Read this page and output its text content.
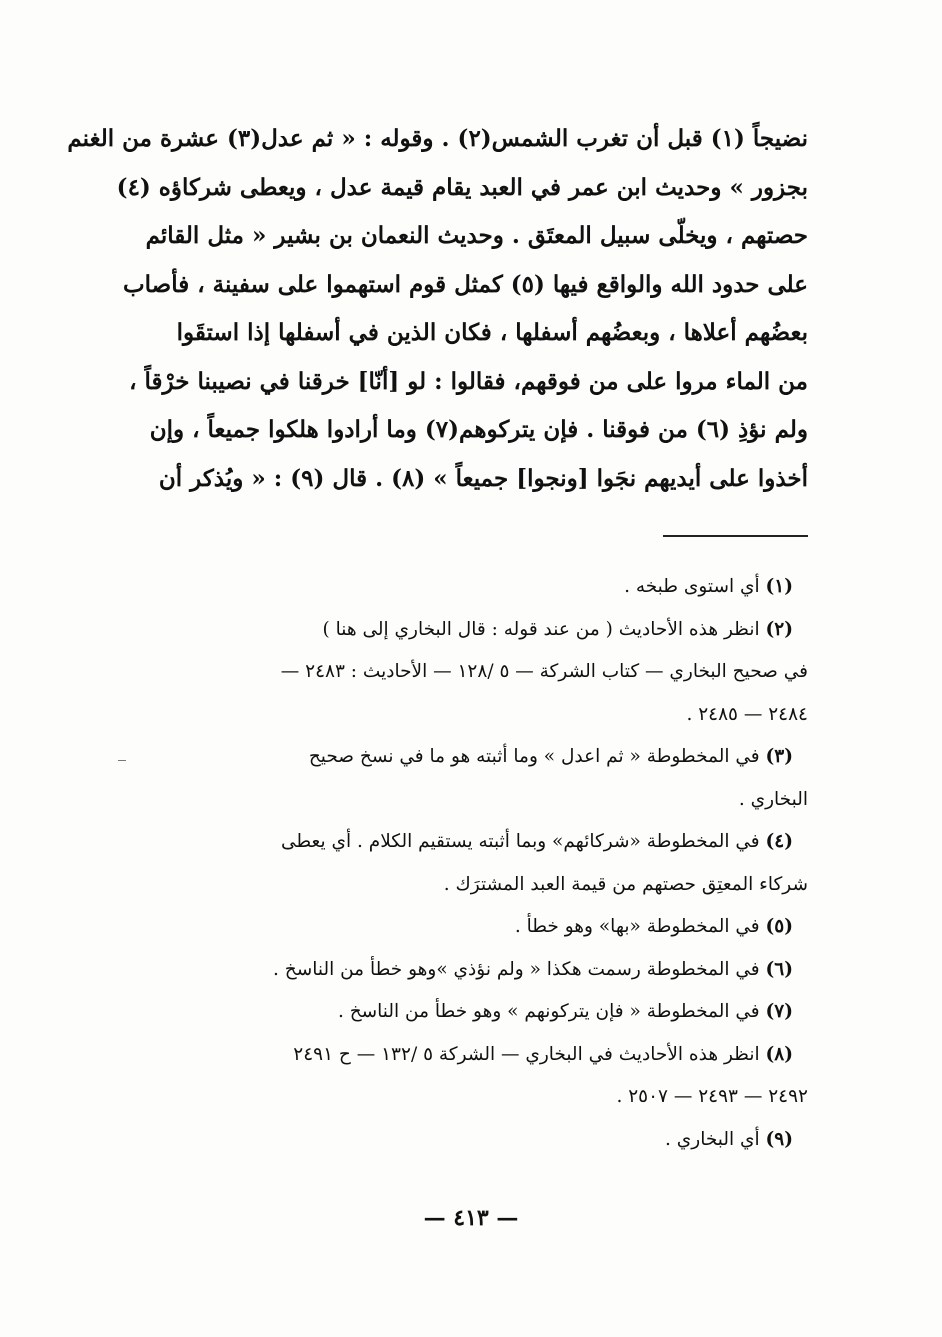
نضيجاً (١) قبل أن تغرب الشمس(٢) . وقوله : « ثم عدل(٣) عشرة من الغنم
بجزور » وحديث ابن عمر في العبد يقام قيمة عدل ، ويعطى شركاؤه (٤)
حصتهم ، ويخلّى سبيل المعتَق . وحديث النعمان بن بشير « مثل القائم
على حدود الله والواقع فيها (٥) كمثل قوم استهموا على سفينة ، فأصاب
بعضُهم أعلاها ، وبعضُهم أسفلها ، فكان الذين في أسفلها إذا استقَوا
من الماء مروا على من فوقهم، فقالوا : لو [أنّا] خرقنا في نصيبنا خرْقاً ،
ولم نؤذِ (٦) من فوقنا . فإن يتركوهم(٧) وما أرادوا هلكوا جميعاً ، وإن
أخذوا على أيديهم نجَوا [ونجوا] جميعاً » (٨) . قال (٩) : « ويُذكر أن
(١) أي استوى طبخه .
(٢) انظر هذه الأحاديث ( من عند قوله : قال البخاري إلى هنا )
في صحيح البخاري — كتاب الشركة — ٥ /١٢٨ — الأحاديث : ٢٤٨٣ —
٢٤٨٤ — ٢٤٨٥ .
(٣) في المخطوطة « ثم اعدل » وما أثبته هو ما في نسخ صحيح
البخاري .
(٤) في المخطوطة «شركائهم» وبما أثبته يستقيم الكلام . أي يعطى
شركاء المعتِق حصتهم من قيمة العبد المشترَك .
(٥) في المخطوطة «بها» وهو خطأ .
(٦) في المخطوطة رسمت هكذا « ولم نؤذي »وهو خطأ من الناسخ .
(٧) في المخطوطة « فإن يتركونهم » وهو خطأ من الناسخ .
(٨) انظر هذه الأحاديث في البخاري — الشركة ٥ /١٣٢ — ح ٢٤٩١
٢٤٩٢ — ٢٤٩٣ — ٢٥٠٧ .
(٩) أي البخاري .
— ٤١٣ —
